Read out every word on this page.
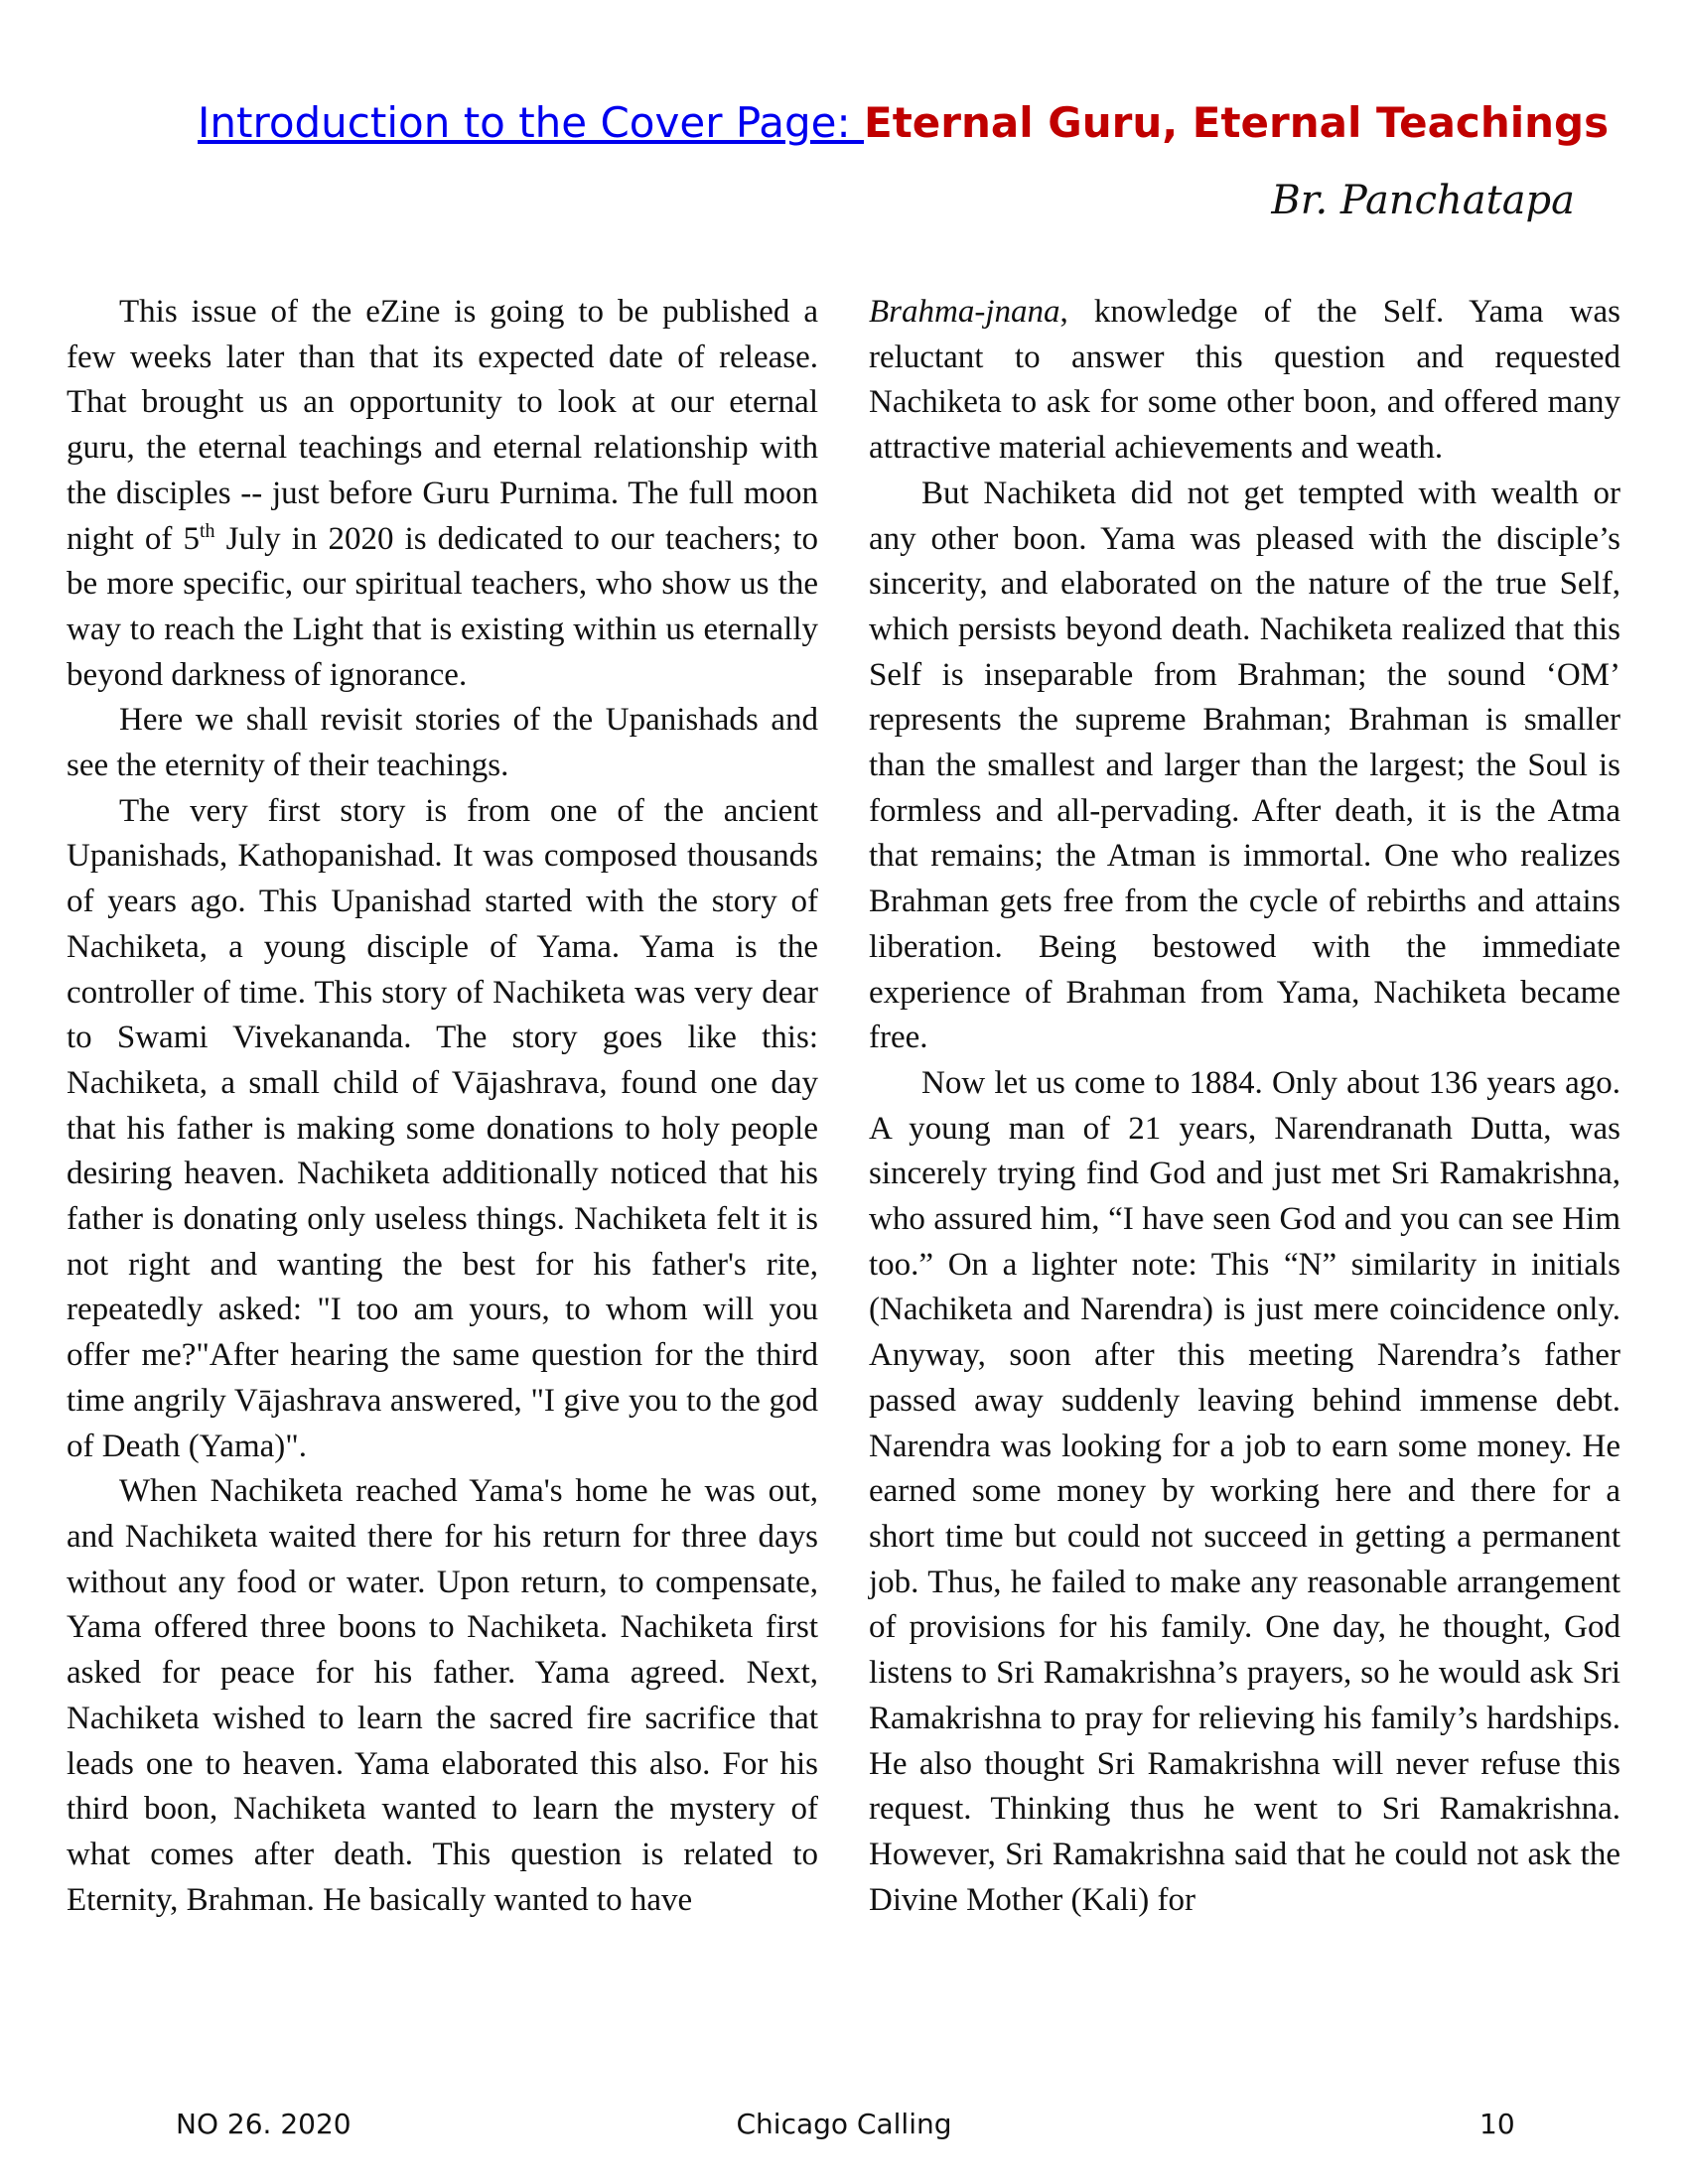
Introduction to the Cover Page: Eternal Guru, Eternal Teachings
Br. Panchatapa

This issue of the eZine is going to be published a few weeks later than that its expected date of release. That brought us an opportunity to look at our eternal guru, the eternal teachings and eternal relationship with the disciples -- just before Guru Purnima. The full moon night of 5th July in 2020 is dedicated to our teachers; to be more specific, our spiritual teachers, who show us the way to reach the Light that is existing within us eternally beyond darkness of ignorance.

Here we shall revisit stories of the Upanishads and see the eternity of their teachings.

The very first story is from one of the ancient Upanishads, Kathopanishad. It was composed thousands of years ago. This Upanishad started with the story of Nachiketa, a young disciple of Yama. Yama is the controller of time. This story of Nachiketa was very dear to Swami Vivekananda. The story goes like this: Nachiketa, a small child of Vājashrava, found one day that his father is making some donations to holy people desiring heaven. Nachiketa additionally noticed that his father is donating only useless things. Nachiketa felt it is not right and wanting the best for his father's rite, repeatedly asked: "I too am yours, to whom will you offer me?"After hearing the same question for the third time angrily Vājashrava answered, "I give you to the god of Death (Yama)".

When Nachiketa reached Yama's home he was out, and Nachiketa waited there for his return for three days without any food or water. Upon return, to compensate, Yama offered three boons to Nachiketa. Nachiketa first asked for peace for his father. Yama agreed. Next, Nachiketa wished to learn the sacred fire sacrifice that leads one to heaven. Yama elaborated this also. For his third boon, Nachiketa wanted to learn the mystery of what comes after death. This question is related to Eternity, Brahman. He basically wanted to have

Brahma-jnana, knowledge of the Self. Yama was reluctant to answer this question and requested Nachiketa to ask for some other boon, and offered many attractive material achievements and weath.

But Nachiketa did not get tempted with wealth or any other boon. Yama was pleased with the disciple’s sincerity, and elaborated on the nature of the true Self, which persists beyond death. Nachiketa realized that this Self is inseparable from Brahman; the sound ‘OM’ represents the supreme Brahman; Brahman is smaller than the smallest and larger than the largest; the Soul is formless and all-pervading. After death, it is the Atma that remains; the Atman is immortal. One who realizes Brahman gets free from the cycle of rebirths and attains liberation. Being bestowed with the immediate experience of Brahman from Yama, Nachiketa became free.

Now let us come to 1884. Only about 136 years ago. A young man of 21 years, Narendranath Dutta, was sincerely trying find God and just met Sri Ramakrishna, who assured him, “I have seen God and you can see Him too.” On a lighter note: This “N” similarity in initials (Nachiketa and Narendra) is just mere coincidence only. Anyway, soon after this meeting Narendra’s father passed away suddenly leaving behind immense debt. Narendra was looking for a job to earn some money. He earned some money by working here and there for a short time but could not succeed in getting a permanent job. Thus, he failed to make any reasonable arrangement of provisions for his family. One day, he thought, God listens to Sri Ramakrishna’s prayers, so he would ask Sri Ramakrishna to pray for relieving his family’s hardships. He also thought Sri Ramakrishna will never refuse this request. Thinking thus he went to Sri Ramakrishna. However, Sri Ramakrishna said that he could not ask the Divine Mother (Kali) for

Chicago Calling
NO 26. 2020	10
